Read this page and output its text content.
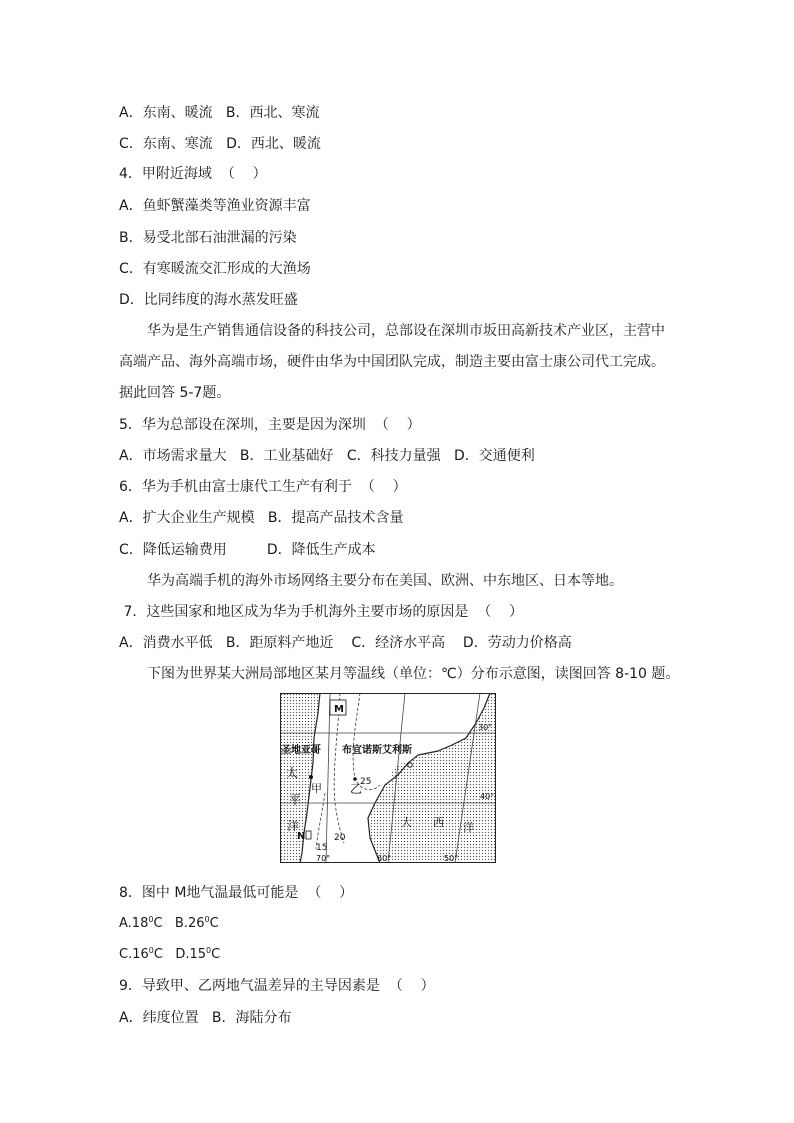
A．东南、暖流   B．西北、寒流
C．东南、寒流   D．西北、暖流
4．甲附近海域  （    ）
A．鱼虾蟹藻类等渔业资源丰富
B．易受北部石油泄漏的污染
C．有寒暖流交汇形成的大渔场
D．比同纬度的海水蒸发旺盛
华为是生产销售通信设备的科技公司，总部设在深圳市坂田高新技术产业区，主营中
高端产品、海外高端市场，硬件由华为中国团队完成，制造主要由富士康公司代工完成。
据此回答 5-7题。
5．华为总部设在深圳，主要是因为深圳  （    ）
A．市场需求量大   B．工业基础好   C．科技力量强   D．交通便利
6．华为手机由富士康代工生产有利于  （    ）
A．扩大企业生产规模   B．提高产品技术含量
C．降低运输费用         D．降低生产成本
华为高端手机的海外市场网络主要分布在美国、欧洲、中东地区、日本等地。
7．这些国家和地区成为华为手机海外主要市场的原因是  （    ）
A．消费水平低   B．距原料产地近    C．经济水平高    D．劳动力价格高
下图为世界某大洲局部地区某月等温线（单位：℃）分布示意图，读图回答 8-10 题。
M
圣地亚哥 布宜诺斯艾利斯
太
平
洋
甲 乙
N
大 西 洋
25
20
15
30°
40°
70°	60°	50°
8．图中 M地气温最低可能是  （    ）
$A.18^0C$ $B.26^0C$
$C.16^0C$ $D.15^0C$
9．导致甲、乙两地气温差异的主导因素是  （    ）
A．纬度位置   B．海陆分布
